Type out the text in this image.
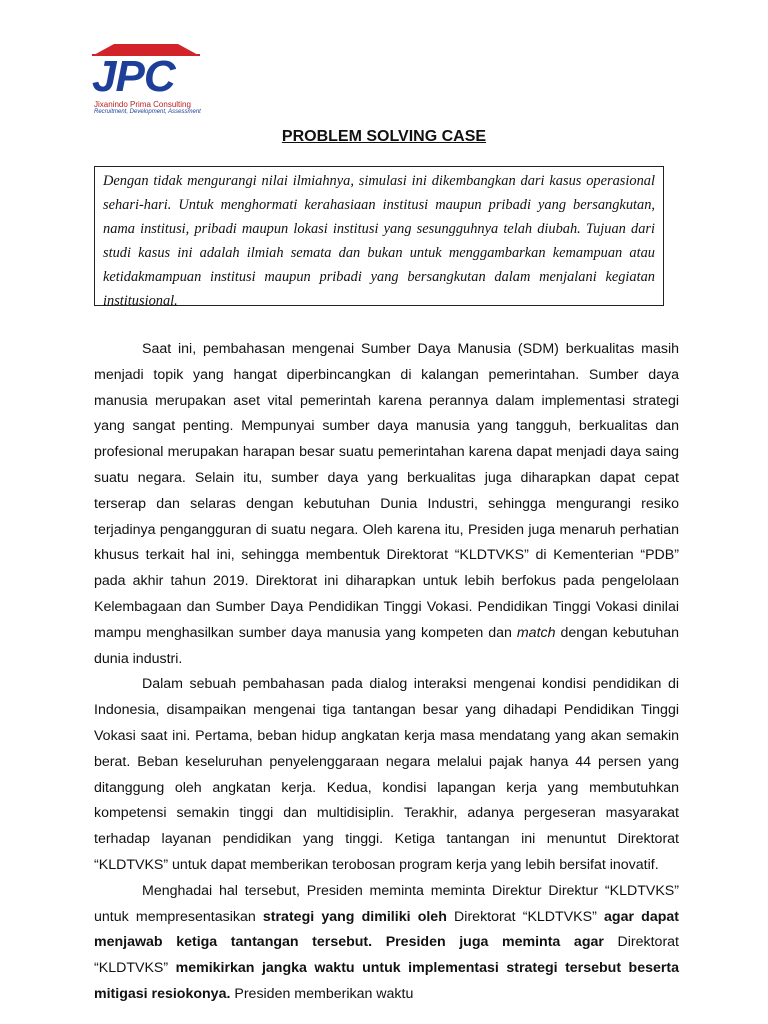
JPC
Jixanindo Prima Consulting
Recruitment, Development, Assessment
PROBLEM SOLVING CASE
Dengan tidak mengurangi nilai ilmiahnya, simulasi ini dikembangkan dari kasus operasional sehari-hari. Untuk menghormati kerahasiaan institusi maupun pribadi yang bersangkutan, nama institusi, pribadi maupun lokasi institusi yang sesungguhnya telah diubah. Tujuan dari studi kasus ini adalah ilmiah semata dan bukan untuk menggambarkan kemampuan atau ketidakmampuan institusi maupun pribadi yang bersangkutan dalam menjalani kegiatan institusional.

Saat ini, pembahasan mengenai Sumber Daya Manusia (SDM) berkualitas masih menjadi topik yang hangat diperbincangkan di kalangan pemerintahan. Sumber daya manusia merupakan aset vital pemerintah karena perannya dalam implementasi strategi yang sangat penting. Mempunyai sumber daya manusia yang tangguh, berkualitas dan profesional merupakan harapan besar suatu pemerintahan karena dapat menjadi daya saing suatu negara. Selain itu, sumber daya yang berkualitas juga diharapkan dapat cepat terserap dan selaras dengan kebutuhan Dunia Industri, sehingga mengurangi resiko terjadinya pengangguran di suatu negara. Oleh karena itu, Presiden juga menaruh perhatian khusus terkait hal ini, sehingga membentuk Direktorat “KLDTVKS” di Kementerian “PDB” pada akhir tahun 2019. Direktorat ini diharapkan untuk lebih berfokus pada pengelolaan Kelembagaan dan Sumber Daya Pendidikan Tinggi Vokasi. Pendidikan Tinggi Vokasi dinilai mampu menghasilkan sumber daya manusia yang kompeten dan match dengan kebutuhan dunia industri.

Dalam sebuah pembahasan pada dialog interaksi mengenai kondisi pendidikan di Indonesia, disampaikan mengenai tiga tantangan besar yang dihadapi Pendidikan Tinggi Vokasi saat ini. Pertama, beban hidup angkatan kerja masa mendatang yang akan semakin berat. Beban keseluruhan penyelenggaraan negara melalui pajak hanya 44 persen yang ditanggung oleh angkatan kerja. Kedua, kondisi lapangan kerja yang membutuhkan kompetensi semakin tinggi dan multidisiplin. Terakhir, adanya pergeseran masyarakat terhadap layanan pendidikan yang tinggi. Ketiga tantangan ini menuntut Direktorat “KLDTVKS” untuk dapat memberikan terobosan program kerja yang lebih bersifat inovatif.

Menghadai hal tersebut, Presiden meminta meminta Direktur Direktur “KLDTVKS” untuk mempresentasikan strategi yang dimiliki oleh Direktorat “KLDTVKS” agar dapat menjawab ketiga tantangan tersebut. Presiden juga meminta agar Direktorat “KLDTVKS” memikirkan jangka waktu untuk implementasi strategi tersebut beserta mitigasi resiokonya. Presiden memberikan waktu
